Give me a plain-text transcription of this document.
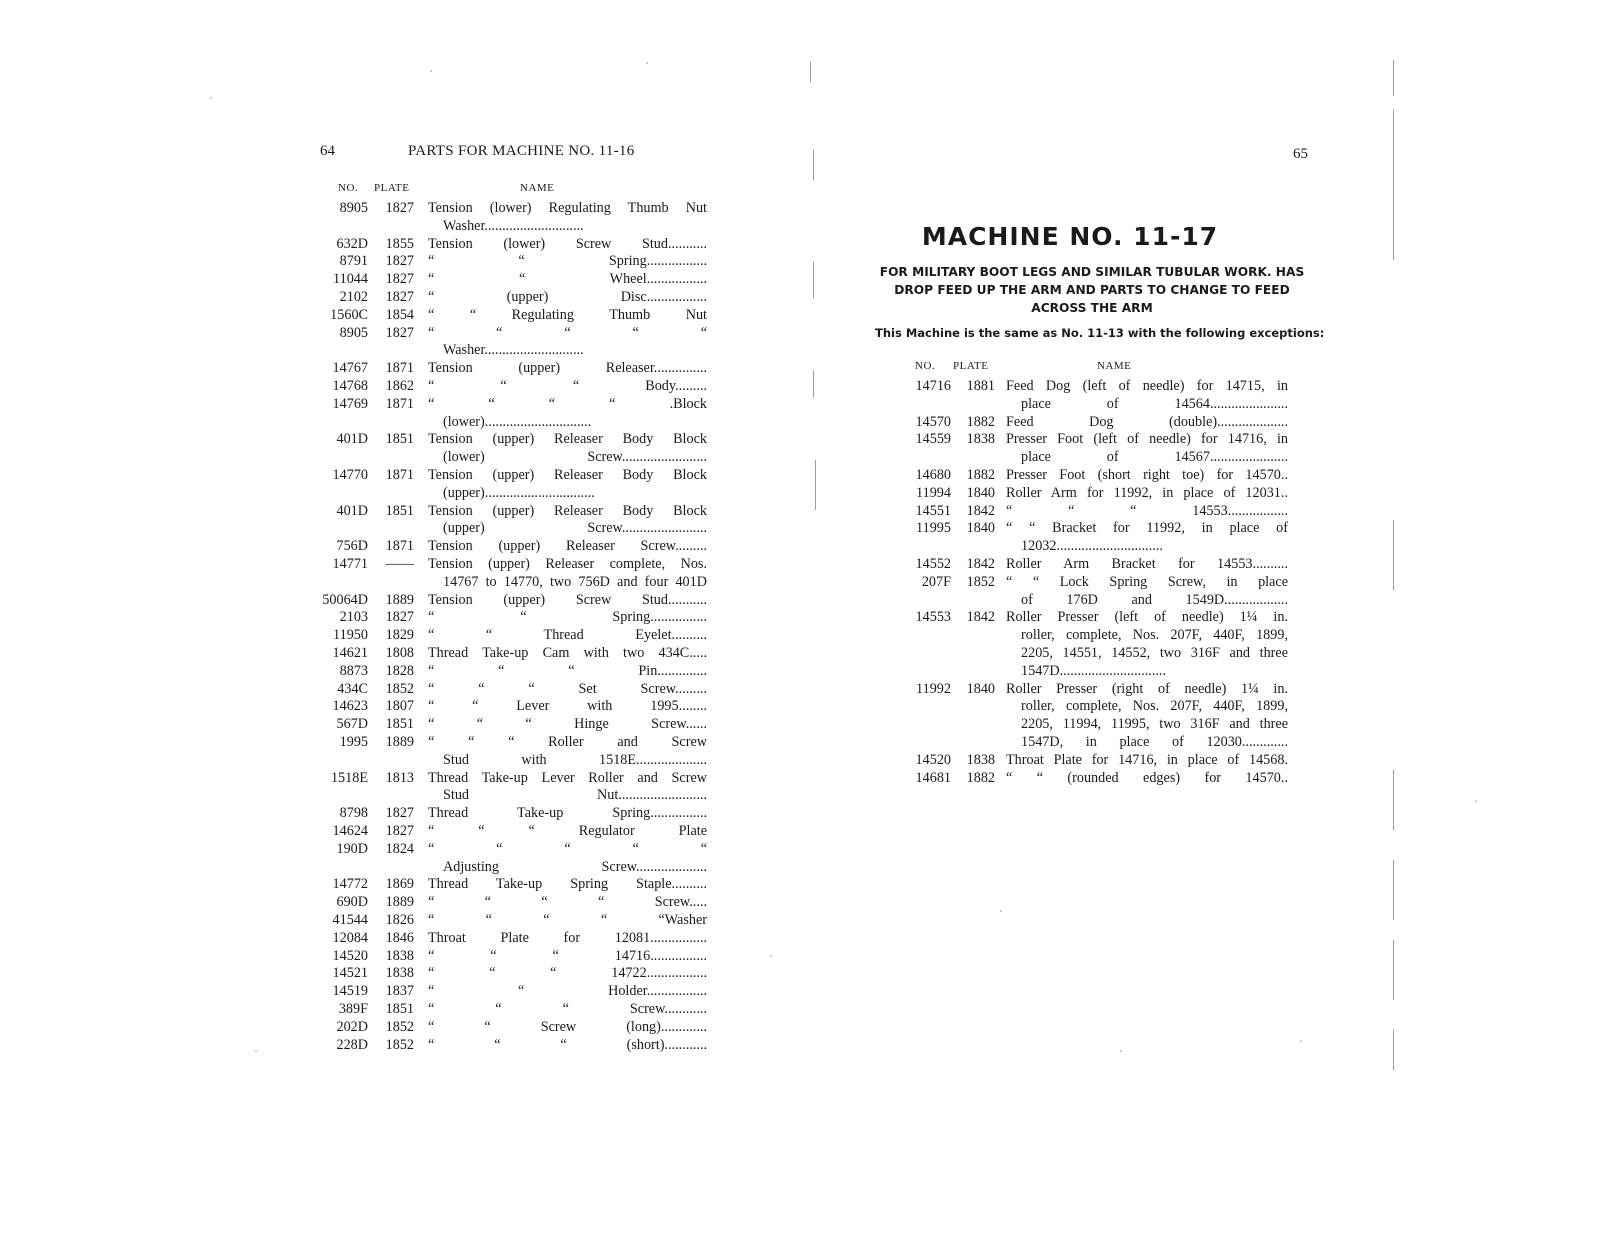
64	PARTS FOR MACHINE NO. 11-16
NO. PLATE	NAME
8905 1827 Tension (lower) Regulating Thumb Nut
Washer............................
632D 1855 Tension (lower) Screw Stud...........
8791 1827 “ “ Spring.................
11044 1827 “ “ Wheel.................
2102 1827 “ (upper) Disc.................
1560C 1854 “ “ Regulating Thumb Nut
8905 1827 “ “ “ “ “
Washer............................
14767 1871 Tension (upper) Releaser...............
14768 1862 “ “ “ Body.........
14769 1871 “ “ “ “ .Block
(lower)..............................
401D 1851 Tension (upper) Releaser Body Block
(lower) Screw........................
14770 1871 Tension (upper) Releaser Body Block
(upper)...............................
401D 1851 Tension (upper) Releaser Body Block
(upper) Screw........................
756D 1871 Tension (upper) Releaser Screw.........
14771 —— Tension (upper) Releaser complete, Nos.
14767 to 14770, two 756D and four 401D
50064D 1889 Tension (upper) Screw Stud...........
2103 1827 “ “ Spring................
11950 1829 “ “ Thread Eyelet..........
14621 1808 Thread Take-up Cam with two 434C.....
8873 1828 “ “ “ Pin..............
434C 1852 “ “ “ Set Screw.........
14623 1807 “ “ Lever with 1995........
567D 1851 “ “ “ Hinge Screw......
1995 1889 “ “ “ Roller and Screw
Stud with 1518E....................
1518E 1813 Thread Take-up Lever Roller and Screw
Stud Nut.........................
8798 1827 Thread Take-up Spring................
14624 1827 “ “ “ Regulator Plate
190D 1824 “ “ “ “ “
Adjusting Screw....................
14772 1869 Thread Take-up Spring Staple..........
690D 1889 “ “ “ “ Screw.....
41544 1826 “ “ “ “ “Washer
12084 1846 Throat Plate for 12081................
14520 1838 “ “ “ 14716................
14521 1838 “ “ “ 14722.................
14519 1837 “ “ Holder.................
389F 1851 “ “ “ Screw............
202D 1852 “ “ Screw (long).............
228D 1852 “ “ “ (short)............
65
MACHINE NO. 11-17
FOR MILITARY BOOT LEGS AND SIMILAR TUBULAR WORK. HAS DROP FEED UP THE ARM AND PARTS TO CHANGE TO FEED ACROSS THE ARM
This Machine is the same as No. 11-13 with the following exceptions:
NO. PLATE	NAME
14716 1881 Feed Dog (left of needle) for 14715, in
place of 14564......................
14570 1882 Feed Dog (double)....................
14559 1838 Presser Foot (left of needle) for 14716, in
place of 14567......................
14680 1882 Presser Foot (short right toe) for 14570..
11994 1840 Roller Arm for 11992, in place of 12031..
14551 1842 “ “ “ 14553.................
11995 1840 “ “ Bracket for 11992, in place of
12032..............................
14552 1842 Roller Arm Bracket for 14553..........
207F 1852 “ “ Lock Spring Screw, in place
of 176D and 1549D..................
14553 1842 Roller Presser (left of needle) 1¼ in.
roller, complete, Nos. 207F, 440F, 1899,
2205, 14551, 14552, two 316F and three
1547D..............................
11992 1840 Roller Presser (right of needle) 1¼ in.
roller, complete, Nos. 207F, 440F, 1899,
2205, 11994, 11995, two 316F and three
1547D, in place of 12030.............
14520 1838 Throat Plate for 14716, in place of 14568.
14681 1882 “ “ (rounded edges) for 14570..
